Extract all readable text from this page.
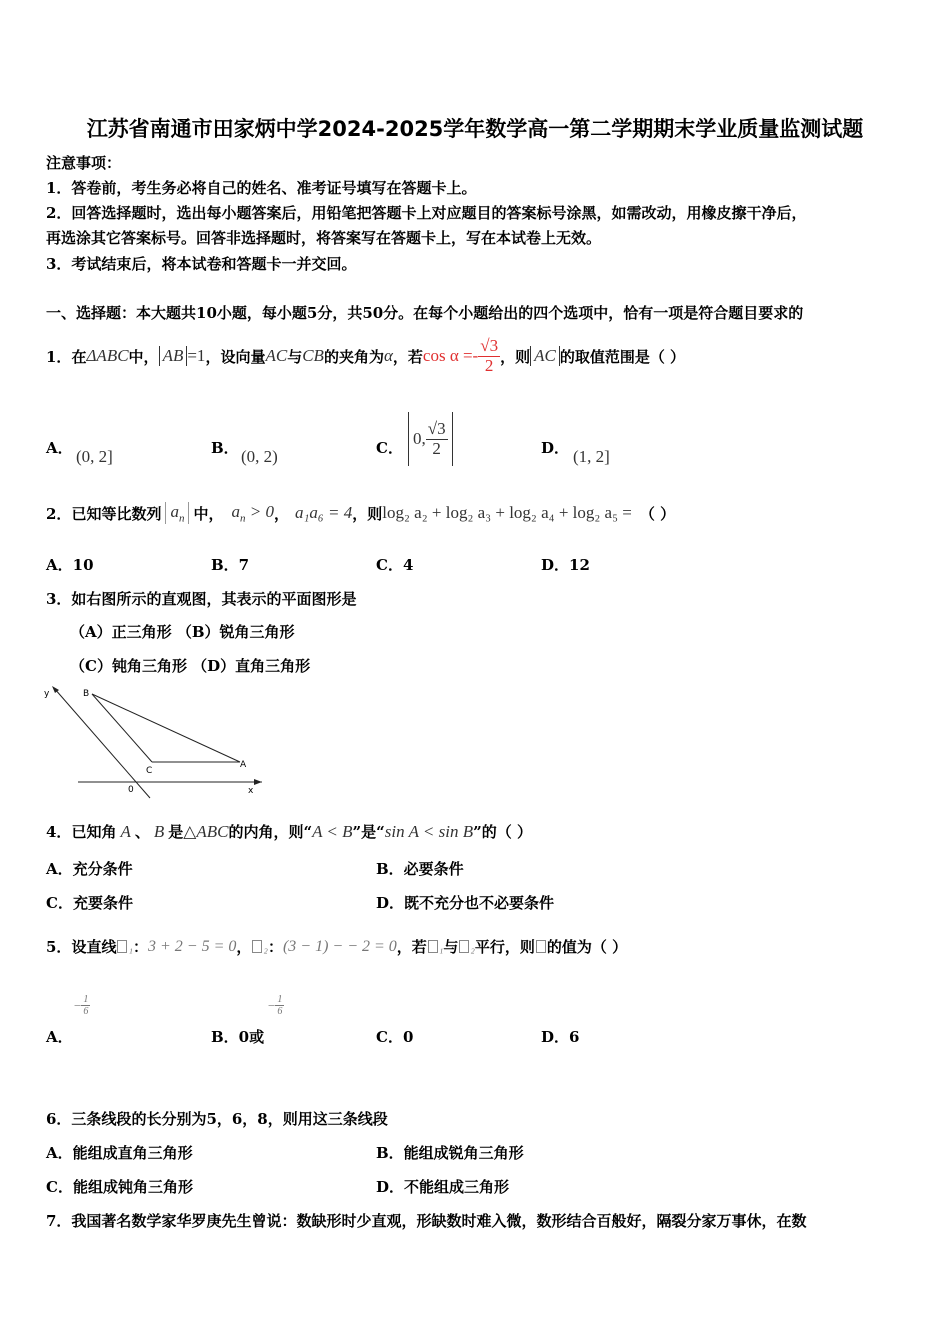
江苏省南通市田家炳中学2024-2025学年数学高一第二学期期末学业质量监测试题
注意事项：
1．答卷前，考生务必将自己的姓名、准考证号填写在答题卡上。
2．回答选择题时，选出每小题答案后，用铅笔把答题卡上对应题目的答案标号涂黑，如需改动，用橡皮擦干净后，
再选涂其它答案标号。回答非选择题时，将答案写在答题卡上，写在本试卷上无效。
3．考试结束后，将本试卷和答题卡一并交回。
一、选择题：本大题共10小题，每小题5分，共50分。在每个小题给出的四个选项中，恰有一项是符合题目要求的
1． 在 ΔABC 中， AB =1 ，设向量 AC 与 CB 的夹角为 α ，若 $\cos \alpha =- \frac{√3}{2}$ ，则 AC 的取值范围是（ ）
A． (0, 2]	B． (0, 2)	C． 0, $\frac{√3}{2}$	D． (1, 2]
2． 已知等比数列 $a_n$ 中， $a_n > 0$ ， a₁a₆ = 4 ，则 log₂ a₂ + log₂ a₃ + log₂ a₄ + log₂ a₅ = （ ）
A．10	B．7	C．4	D．12
3．如右图所示的直观图，其表示的平面图形是
（A）正三角形 （B）锐角三角形
（C）钝角三角形 （D）直角三角形
y	B
C
A
0	x
4． 已知角 A 、 B 是 △ABC 的内角，则“ A < B ”是“ sin A < sin B ”的（ ）
A．充分条件	B．必要条件
C．充要条件	D．既不充分也不必要条件
5． 设直线 ₁ ： 3 + 2 − 5 = 0 ， ₂ ： (3 − 1) − − 2 = 0 ，若 ₁ 与 ₂ 平行，则 的值为（ ）
A．
− $\frac{1}{6}$
B．0或
− $\frac{1}{6}$
C．0	D．6
6．三条线段的长分别为5，6，8，则用这三条线段
A．能组成直角三角形	B．能组成锐角三角形
C．能组成钝角三角形	D．不能组成三角形
7．我国著名数学家华罗庚先生曾说：数缺形时少直观，形缺数时难入微，数形结合百般好，隔裂分家万事休，在数
